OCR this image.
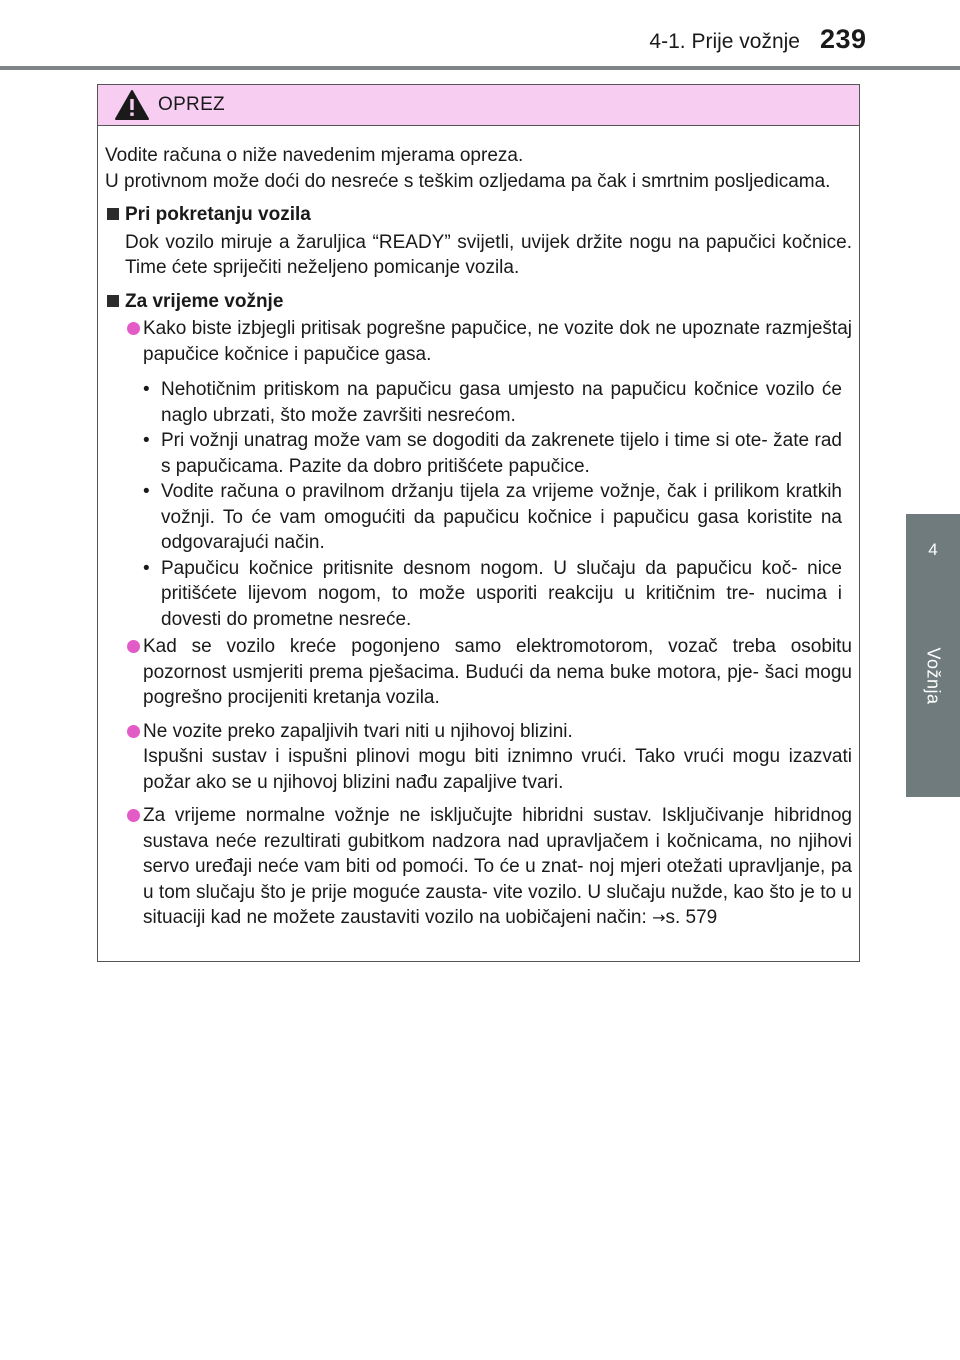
4-1. Prije vožnje 239
4
Vožnja
OPREZ

Vodite računa o niže navedenim mjerama opreza.

U protivnom može doći do nesreće s teškim ozljedama pa čak i smrtnim posljedicama.

Pri pokretanju vozila

Dok vozilo miruje a žaruljica “READY” svijetli, uvijek držite nogu na papučici kočnice. Time ćete spriječiti neželjeno pomicanje vozila.

Za vrijeme vožnje

Kako biste izbjegli pritisak pogrešne papučice, ne vozite dok ne upoznate razmještaj papučice kočnice i papučice gasa.

• Nehotičnim pritiskom na papučicu gasa umjesto na papučicu kočnice vozilo će naglo ubrzati, što može završiti nesrećom.

• Pri vožnji unatrag može vam se dogoditi da zakrenete tijelo i time si ote- žate rad s papučicama. Pazite da dobro pritišćete papučice.

• Vodite računa o pravilnom držanju tijela za vrijeme vožnje, čak i prilikom kratkih vožnji. To će vam omogućiti da papučicu kočnice i papučicu gasa koristite na odgovarajući način.

• Papučicu kočnice pritisnite desnom nogom. U slučaju da papučicu koč- nice pritišćete lijevom nogom, to može usporiti reakciju u kritičnim tre- nucima i dovesti do prometne nesreće.

Kad se vozilo kreće pogonjeno samo elektromotorom, vozač treba osobitu pozornost usmjeriti prema pješacima. Budući da nema buke motora, pje- šaci mogu pogrešno procijeniti kretanja vozila.

Ne vozite preko zapaljivih tvari niti u njihovoj blizini.

Ispušni sustav i ispušni plinovi mogu biti iznimno vrući. Tako vrući mogu izazvati požar ako se u njihovoj blizini nađu zapaljive tvari.

Za vrijeme normalne vožnje ne isključujte hibridni sustav. Isključivanje hibridnog sustava neće rezultirati gubitkom nadzora nad upravljačem i kočnicama, no njihovi servo uređaji neće vam biti od pomoći. To će u znat- noj mjeri otežati upravljanje, pa u tom slučaju što je prije moguće zausta- vite vozilo. U slučaju nužde, kao što je to u situaciji kad ne možete zaustaviti vozilo na uobičajeni način: →s. 579
